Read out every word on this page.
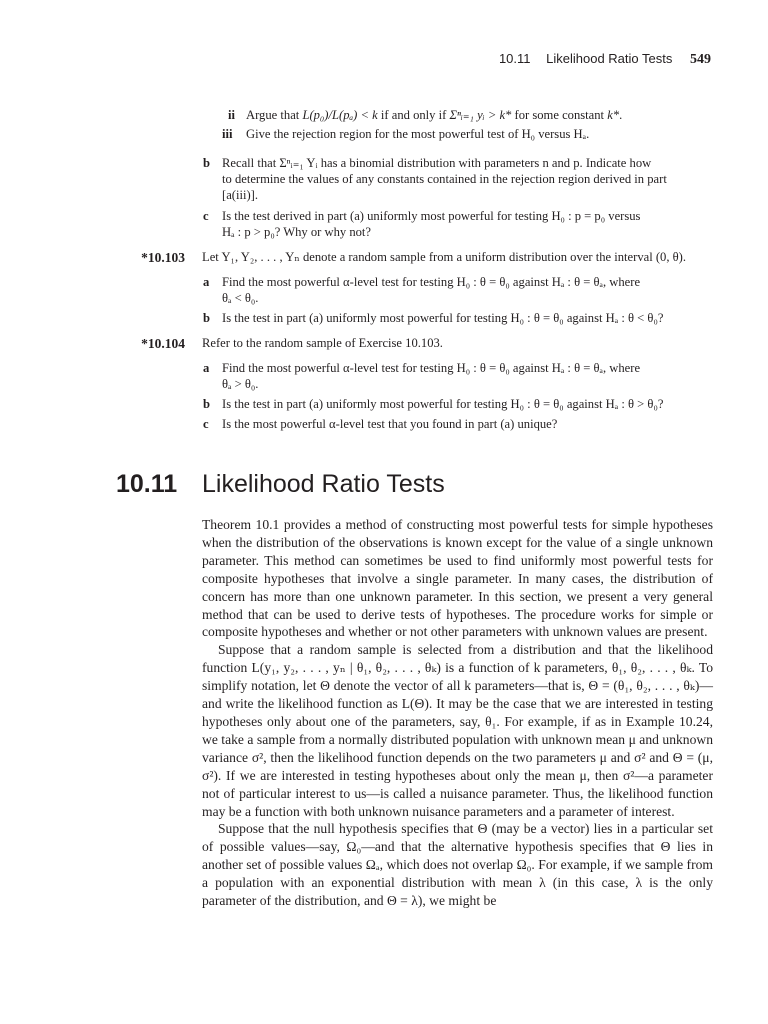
10.11 Likelihood Ratio Tests 549
ii Argue that L(p₀)/L(pₐ) < k if and only if Σⁿᵢ₌₁ yᵢ > k* for some constant k*.
iii Give the rejection region for the most powerful test of H₀ versus Hₐ.
b Recall that Σⁿᵢ₌₁ Yᵢ has a binomial distribution with parameters n and p. Indicate how
to determine the values of any constants contained in the rejection region derived in part
[a(iii)].
c Is the test derived in part (a) uniformly most powerful for testing H₀ : p = p₀ versus
Hₐ : p > p₀? Why or why not?
*10.103 Let Y₁, Y₂, . . . , Yₙ denote a random sample from a uniform distribution over the interval (0, θ).
a Find the most powerful α-level test for testing H₀ : θ = θ₀ against Hₐ : θ = θₐ, where
θₐ < θ₀.
b Is the test in part (a) uniformly most powerful for testing H₀ : θ = θ₀ against Hₐ : θ < θ₀?
*10.104 Refer to the random sample of Exercise 10.103.
a Find the most powerful α-level test for testing H₀ : θ = θ₀ against Hₐ : θ = θₐ, where
θₐ > θ₀.
b Is the test in part (a) uniformly most powerful for testing H₀ : θ = θ₀ against Hₐ : θ > θ₀?
c Is the most powerful α-level test that you found in part (a) unique?
10.11 Likelihood Ratio Tests

Theorem 10.1 provides a method of constructing most powerful tests for simple hypotheses when the distribution of the observations is known except for the value of a single unknown parameter. This method can sometimes be used to find uniformly most powerful tests for composite hypotheses that involve a single parameter. In many cases, the distribution of concern has more than one unknown parameter. In this section, we present a very general method that can be used to derive tests of hypotheses. The procedure works for simple or composite hypotheses and whether or not other parameters with unknown values are present.

Suppose that a random sample is selected from a distribution and that the likelihood function L(y₁, y₂, . . . , yₙ | θ₁, θ₂, . . . , θₖ) is a function of k parameters, θ₁, θ₂, . . . , θₖ. To simplify notation, let Θ denote the vector of all k parameters—that is, Θ = (θ₁, θ₂, . . . , θₖ)—and write the likelihood function as L(Θ). It may be the case that we are interested in testing hypotheses only about one of the parameters, say, θ₁. For example, if as in Example 10.24, we take a sample from a normally distributed population with unknown mean μ and unknown variance σ², then the likelihood function depends on the two parameters μ and σ² and Θ = (μ, σ²). If we are interested in testing hypotheses about only the mean μ, then σ²—a parameter not of particular interest to us—is called a nuisance parameter. Thus, the likelihood function may be a function with both unknown nuisance parameters and a parameter of interest.

Suppose that the null hypothesis specifies that Θ (may be a vector) lies in a particular set of possible values—say, Ω₀—and that the alternative hypothesis specifies that Θ lies in another set of possible values Ωₐ, which does not overlap Ω₀. For example, if we sample from a population with an exponential distribution with mean λ (in this case, λ is the only parameter of the distribution, and Θ = λ), we might be
